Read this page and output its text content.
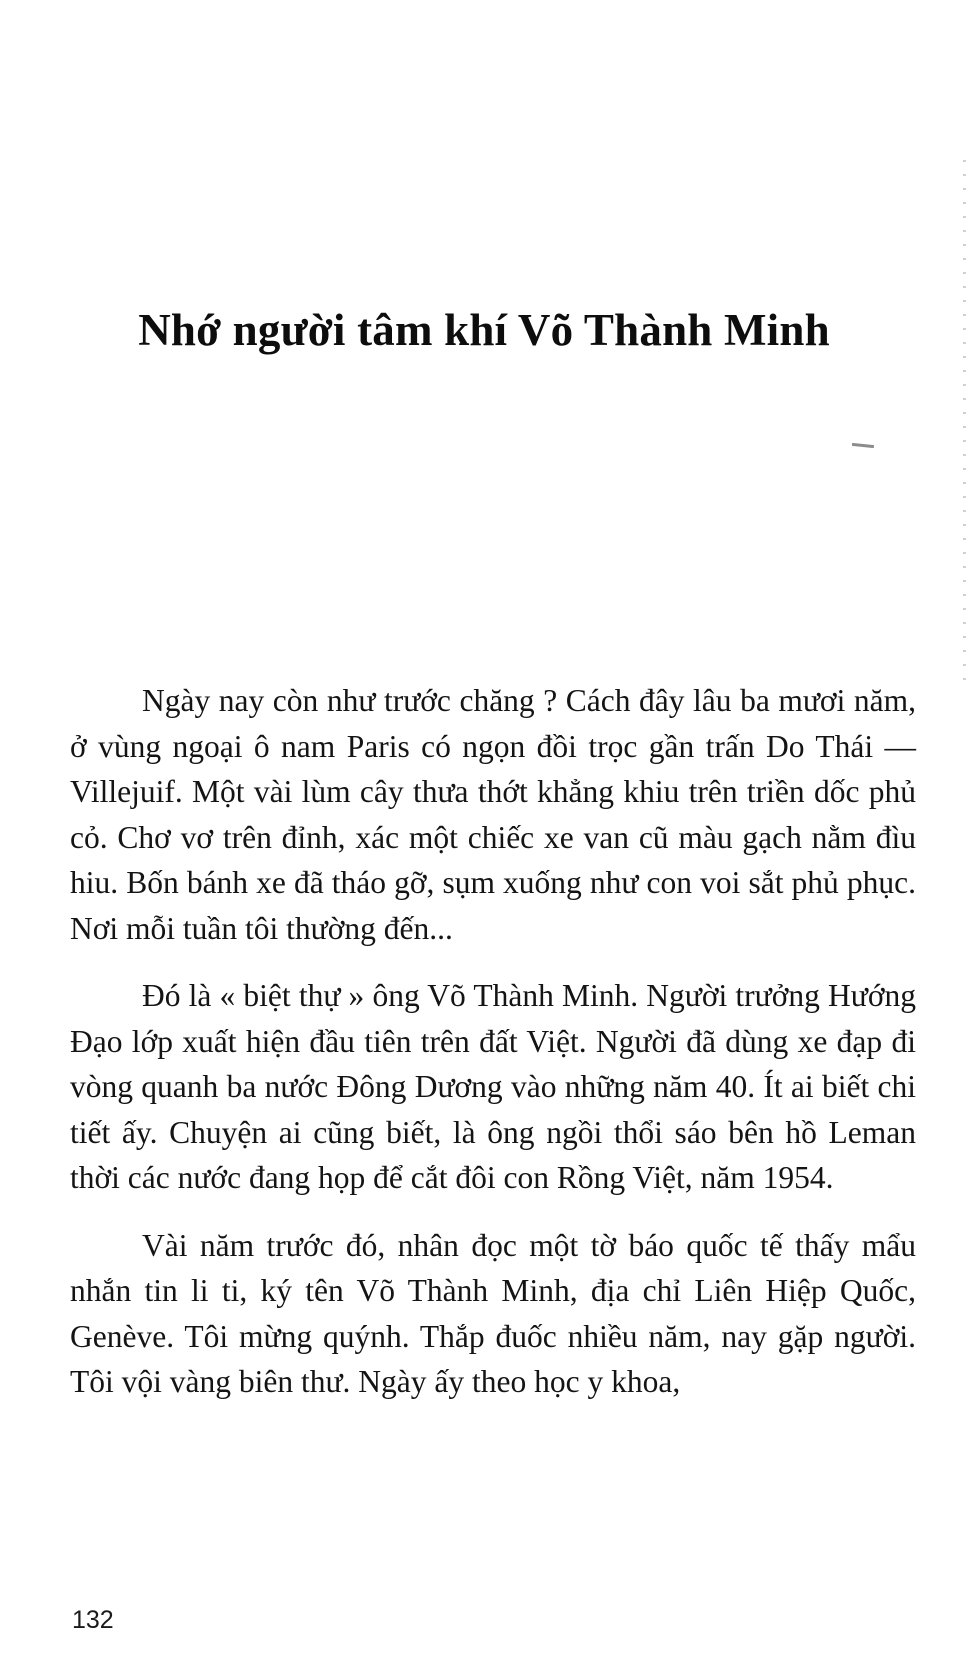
Nhớ người tâm khí Võ Thành Minh

Ngày nay còn như trước chăng ? Cách đây lâu ba mươi năm, ở vùng ngoại ô nam Paris có ngọn đồi trọc gần trấn Do Thái — Villejuif. Một vài lùm cây thưa thớt khẳng khiu trên triền dốc phủ cỏ. Chơ vơ trên đỉnh, xác một chiếc xe van cũ màu gạch nằm đìu hiu. Bốn bánh xe đã tháo gỡ, sụm xuống như con voi sắt phủ phục. Nơi mỗi tuần tôi thường đến...

Đó là « biệt thự » ông Võ Thành Minh. Người trưởng Hướng Đạo lớp xuất hiện đầu tiên trên đất Việt. Người đã dùng xe đạp đi vòng quanh ba nước Đông Dương vào những năm 40. Ít ai biết chi tiết ấy. Chuyện ai cũng biết, là ông ngồi thổi sáo bên hồ Leman thời các nước đang họp để cắt đôi con Rồng Việt, năm 1954.

Vài năm trước đó, nhân đọc một tờ báo quốc tế thấy mẩu nhắn tin li ti, ký tên Võ Thành Minh, địa chỉ Liên Hiệp Quốc, Genève. Tôi mừng quýnh. Thắp đuốc nhiều năm, nay gặp người. Tôi vội vàng biên thư. Ngày ấy theo học y khoa,

132
